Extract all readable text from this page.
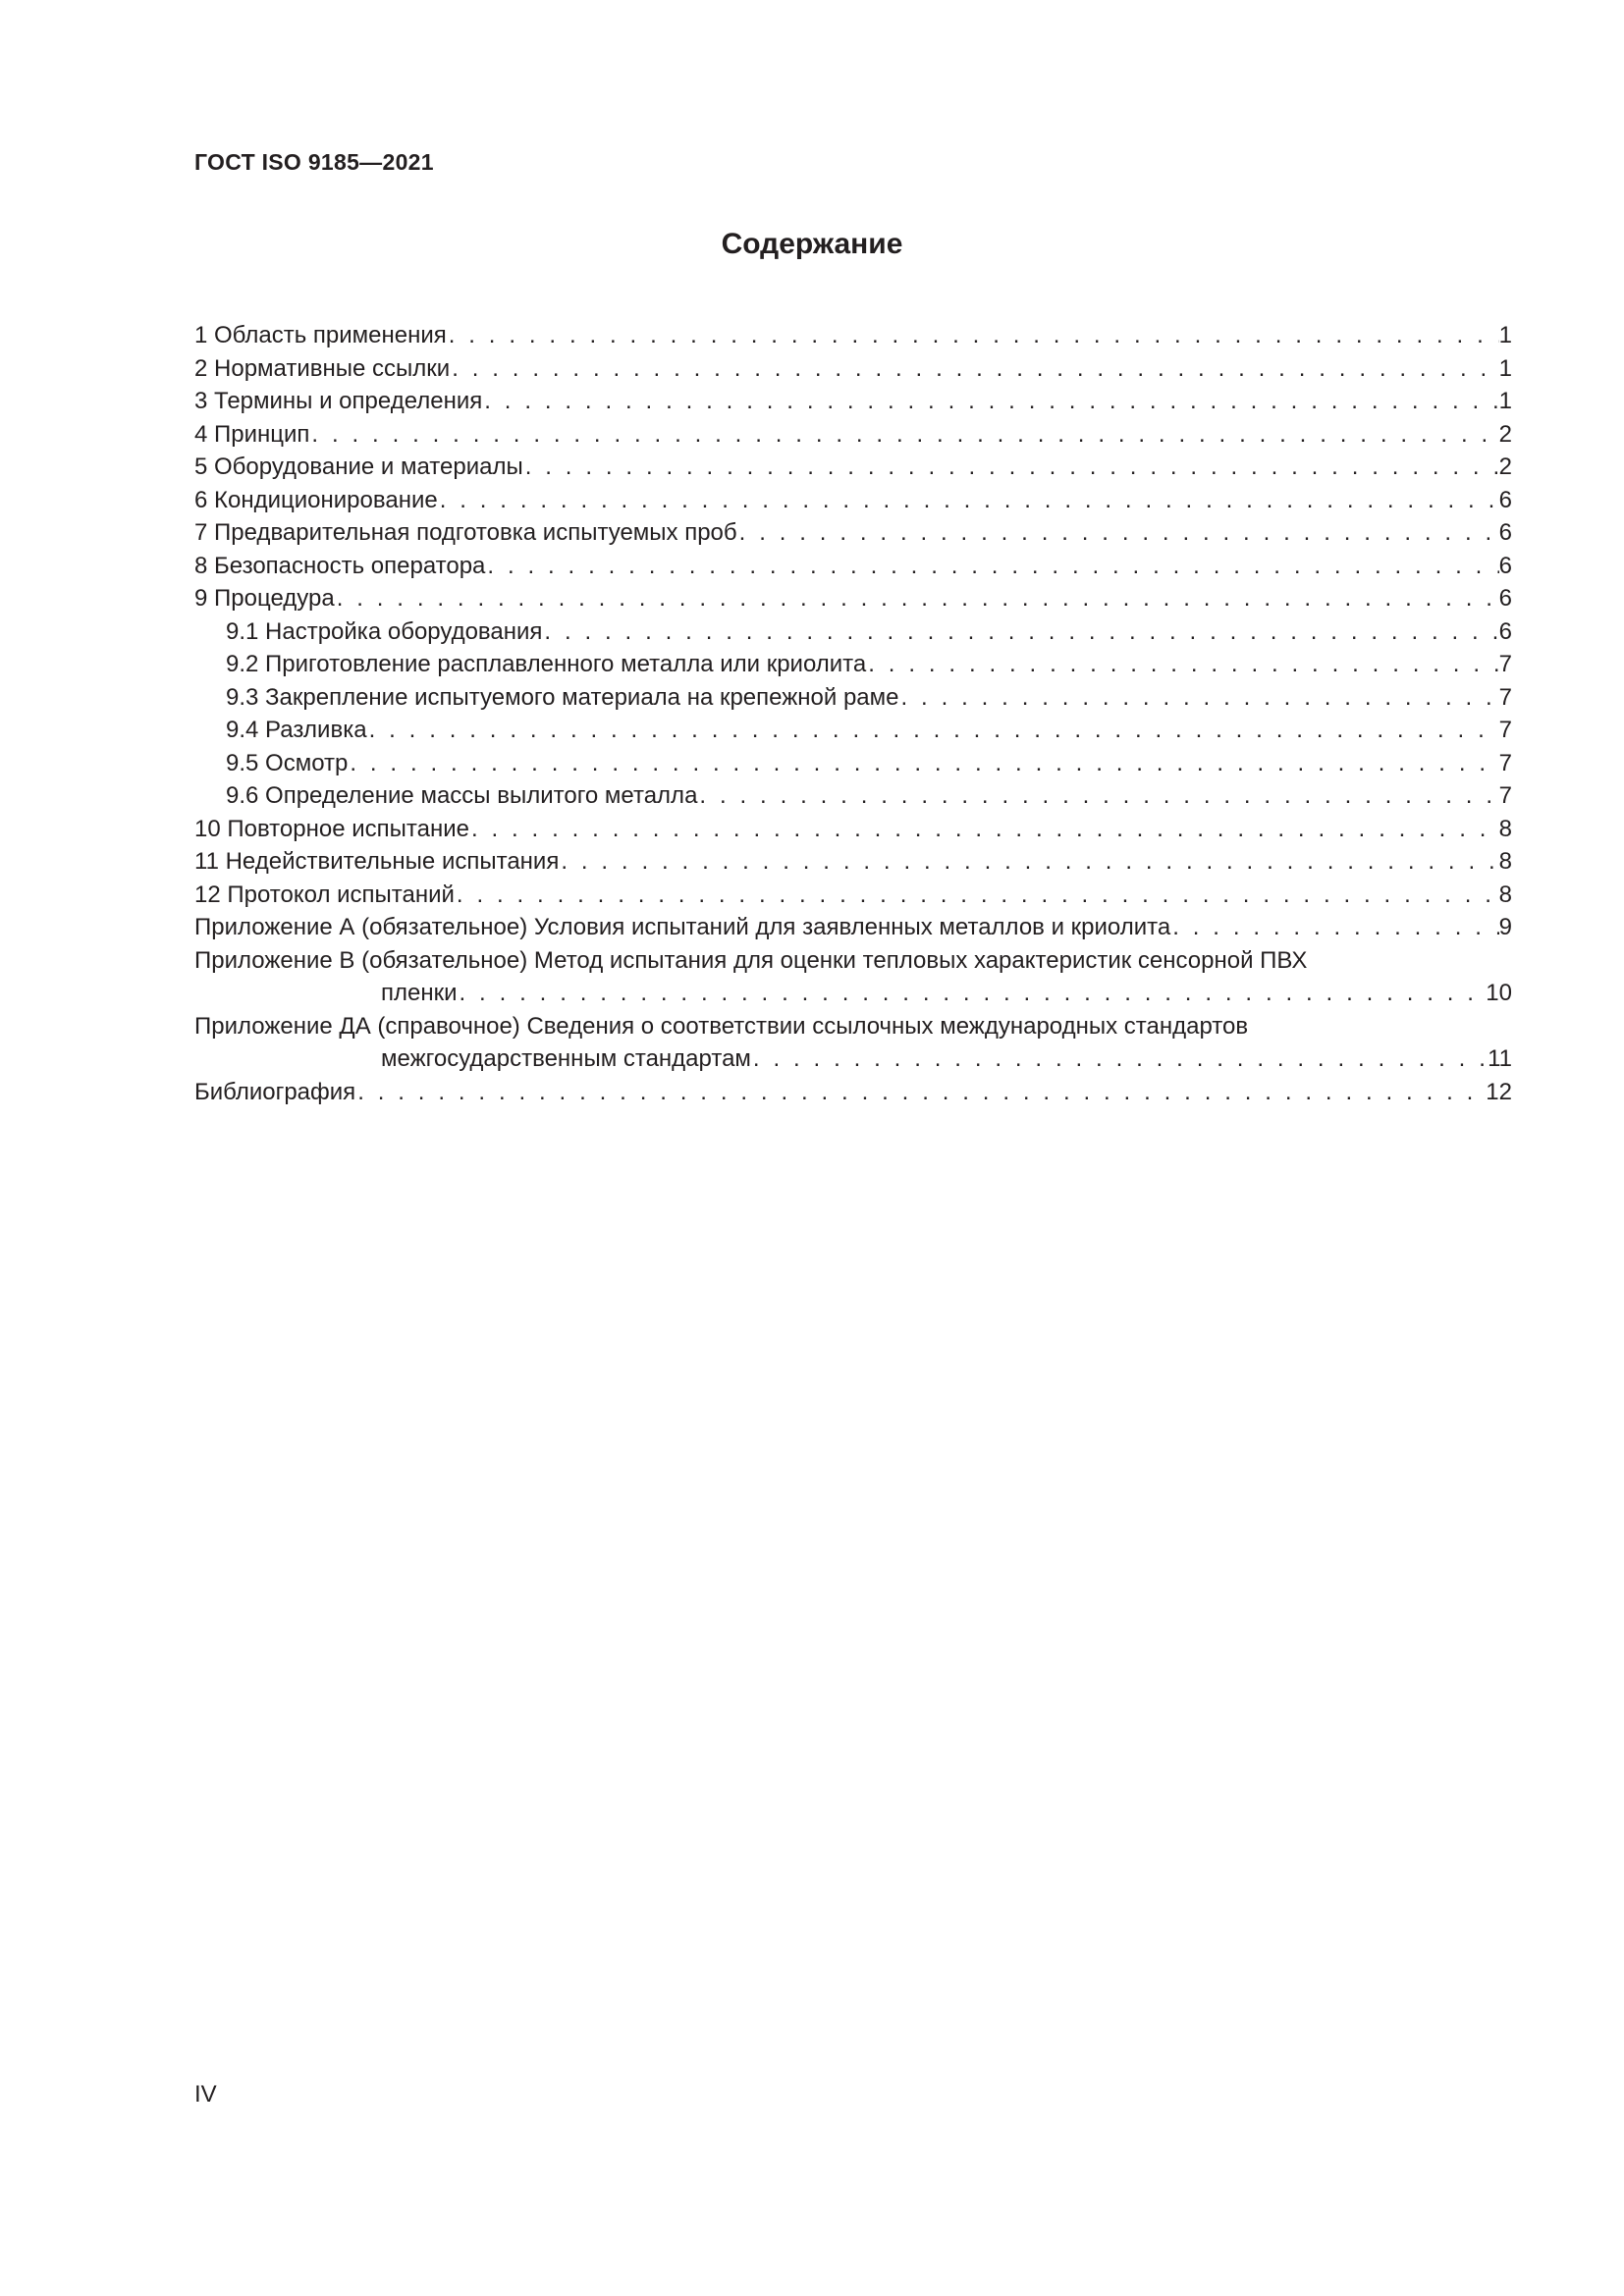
ГОСТ ISO 9185—2021
Содержание
1 Область применения . . .	1
2 Нормативные ссылки . . .	1
3 Термины и определения . . .	1
4 Принцип . . .	2
5 Оборудование и материалы . . .	2
6 Кондиционирование . . .	6
7 Предварительная подготовка испытуемых проб . . .	6
8 Безопасность оператора . . .	6
9 Процедура . . .	6
9.1 Настройка оборудования . . .	6
9.2 Приготовление расплавленного металла или криолита . . .	7
9.3 Закрепление испытуемого материала на крепежной раме . . .	7
9.4 Разливка . . .	7
9.5 Осмотр . . .	7
9.6 Определение массы вылитого металла . . .	7
10 Повторное испытание . . .	8
11 Недействительные испытания . . .	8
12 Протокол испытаний . . .	8
Приложение А (обязательное) Условия испытаний для заявленных металлов и криолита . . .	9
Приложение В (обязательное) Метод испытания для оценки тепловых характеристик сенсорной ПВХ
пленки . . .	10
Приложение ДА (справочное) Сведения о соответствии ссылочных международных стандартов
межгосударственным стандартам . . .	11
Библиография . . .	12
IV
